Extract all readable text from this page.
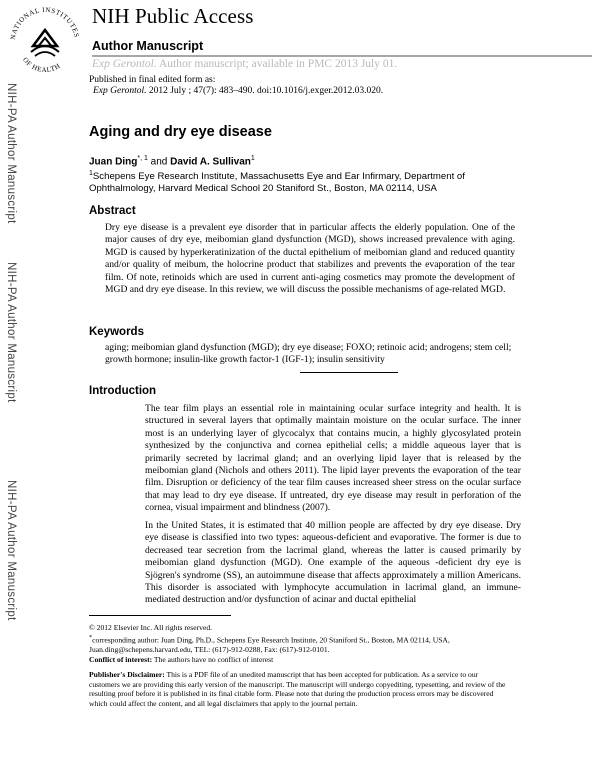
NATIONAL INSTITUTES
OF HEALTH
NIH Public Access
Author Manuscript
Exp Gerontol. Author manuscript; available in PMC 2013 July 01.
Published in final edited form as:
Exp Gerontol. 2012 July ; 47(7): 483–490. doi:10.1016/j.exger.2012.03.020.
NIH-PA Author Manuscript
NIH-PA Author Manuscript
NIH-PA Author Manuscript
Aging and dry eye disease
Juan Ding$^{*, 1}$ and David A. Sullivan$^1$
$^1$Schepens Eye Research Institute, Massachusetts Eye and Ear Infirmary, Department of Ophthalmology, Harvard Medical School 20 Staniford St., Boston, MA 02114, USA
Abstract
Dry eye disease is a prevalent eye disorder that in particular affects the elderly population. One of the major causes of dry eye, meibomian gland dysfunction (MGD), shows increased prevalence with aging. MGD is caused by hyperkeratinization of the ductal epithelium of meibomian gland and reduced quantity and/or quality of meibum, the holocrine product that stabilizes and prevents the evaporation of the tear film. Of note, retinoids which are used in current anti-aging cosmetics may promote the development of MGD and dry eye disease. In this review, we will discuss the possible mechanisms of age-related MGD.
Keywords
aging; meibomian gland dysfunction (MGD); dry eye disease; FOXO; retinoic acid; androgens; stem cell; growth hormone; insulin-like growth factor-1 (IGF-1); insulin sensitivity
Introduction
The tear film plays an essential role in maintaining ocular surface integrity and health. It is structured in several layers that optimally maintain moisture on the ocular surface. The inner most is an underlying layer of glycocalyx that contains mucin, a highly glycosylated protein synthesized by the conjunctiva and cornea epithelial cells; a middle aqueous layer that is primarily secreted by lacrimal gland; and an overlying lipid layer that is released by the meibomian gland (Nichols and others 2011). The lipid layer prevents the evaporation of the tear film. Disruption or deficiency of the tear film causes increased sheer stress on the ocular surface that may lead to dry eye disease. If untreated, dry eye disease may result in perforation of the cornea, visual impairment and blindness (2007).
In the United States, it is estimated that 40 million people are affected by dry eye disease. Dry eye disease is classified into two types: aqueous-deficient and evaporative. The former is due to decreased tear secretion from the lacrimal gland, whereas the latter is caused primarily by meibomian gland dysfunction (MGD). One example of the aqueous -deficient dry eye is Sjögren's syndrome (SS), an autoimmune disease that affects approximately a million Americans. This disorder is associated with lymphocyte accumulation in lacrimal gland, an immune-mediated destruction and/or dysfunction of acinar and ductal epithelial
© 2012 Elsevier Inc. All rights reserved.
*corresponding author: Juan Ding, Ph.D., Schepens Eye Research Institute, 20 Staniford St., Boston, MA 02114, USA, Juan.ding@schepens.harvard.edu, TEL: (617)-912-0288, Fax: (617)-912-0101.
Conflict of interest: The authors have no conflict of interest
Publisher's Disclaimer: This is a PDF file of an unedited manuscript that has been accepted for publication. As a service to our customers we are providing this early version of the manuscript. The manuscript will undergo copyediting, typesetting, and review of the resulting proof before it is published in its final citable form. Please note that during the production process errors may be discovered which could affect the content, and all legal disclaimers that apply to the journal pertain.
